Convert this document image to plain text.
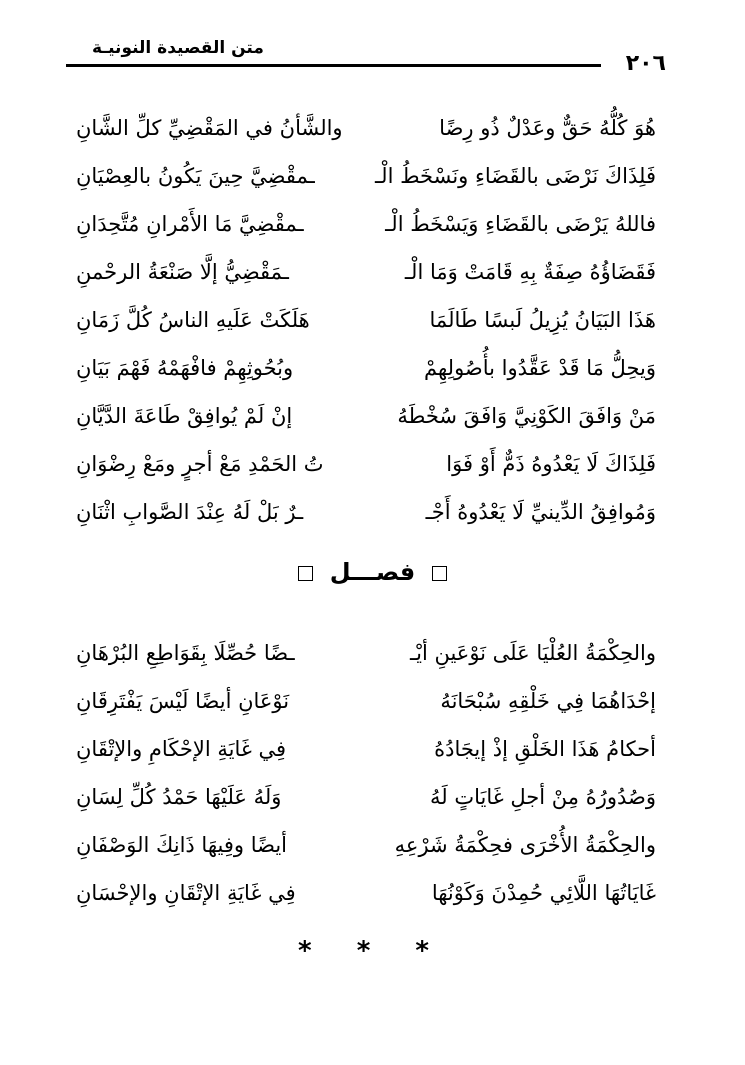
متن القصيدة النونيـة
٢٠٦
هُوَ كُلُّهُ حَقٌّ وعَدْلٌ ذُو رِضًا
والشَّأنُ في المَقْضِيِّ كلِّ الشَّانِ
فَلِذَاكَ نَرْضَى بالقَضَاءِ ونَسْخَطُ الْـ
ـمقْضِيَّ حِينَ يَكُونُ بالعِصْيَانِ
فاللهُ يَرْضَى بالقَضَاءِ وَيَسْخَطُ الْـ
ـمقْضِيَّ مَا الأَمْرانِ مُتَّحِدَانِ
فَقَضَاؤُهُ صِفَةٌ بِهِ قَامَتْ وَمَا الْـ
ـمَقْضِيُّ إلَّا صَنْعَةُ الرحْمنِ
هَذَا البَيَانُ يُزِيلُ لَبسًا طَالَمَا
هَلَكَتْ عَلَيهِ الناسُ كُلَّ زَمَانِ
وَيحِلُّ مَا قَدْ عَقَّدُوا بأُصُولِهِمْ
وبُحُوثِهِمْ فافْهَمْهُ فَهْمَ بَيَانِ
مَنْ وَافَقَ الكَوْنِيَّ وَافَقَ سُخْطَهُ
إنْ لَمْ يُوافِقْ طَاعَةَ الدَّيَّانِ
فَلِذَاكَ لَا يَعْدُوهُ ذَمٌّ أَوْ فَوَا
تُ الحَمْدِ مَعْ أجرٍ ومَعْ رِضْوَانِ
وَمُوافِقُ الدِّينيِّ لَا يَعْدُوهُ أَجْـ
ـرٌ بَلْ لَهُ عِنْدَ الصَّوابِ اثْنَانِ
فصـــل
والحِكْمَةُ العُلْيَا عَلَى نَوْعَينِ أيْـ
ـضًا حُصِّلَا بِقَوَاطِعِ البُرْهَانِ
إحْدَاهُمَا فِي خَلْقِهِ سُبْحَانَهُ
نَوْعَانِ أيضًا لَيْسَ يَفْتَرِقَانِ
أحكامُ هَذَا الخَلْقِ إذْ إيجَادُهُ
فِي غَايَةِ الإحْكَامِ والإتْقَانِ
وَصُدُورُهُ مِنْ أجلِ غَايَاتٍ لَهُ
وَلَهُ عَلَيْهَا حَمْدُ كُلِّ لِسَانِ
والحِكْمَةُ الأُخْرَى فحِكْمَةُ شَرْعِهِ
أيضًا وفِيهَا ذَانِكَ الوَصْفَانِ
غَايَاتُهَا اللَّائِي حُمِدْنَ وَكَوْنُهَا
فِي غَايَةِ الإتْقَانِ والإحْسَانِ
* * *
